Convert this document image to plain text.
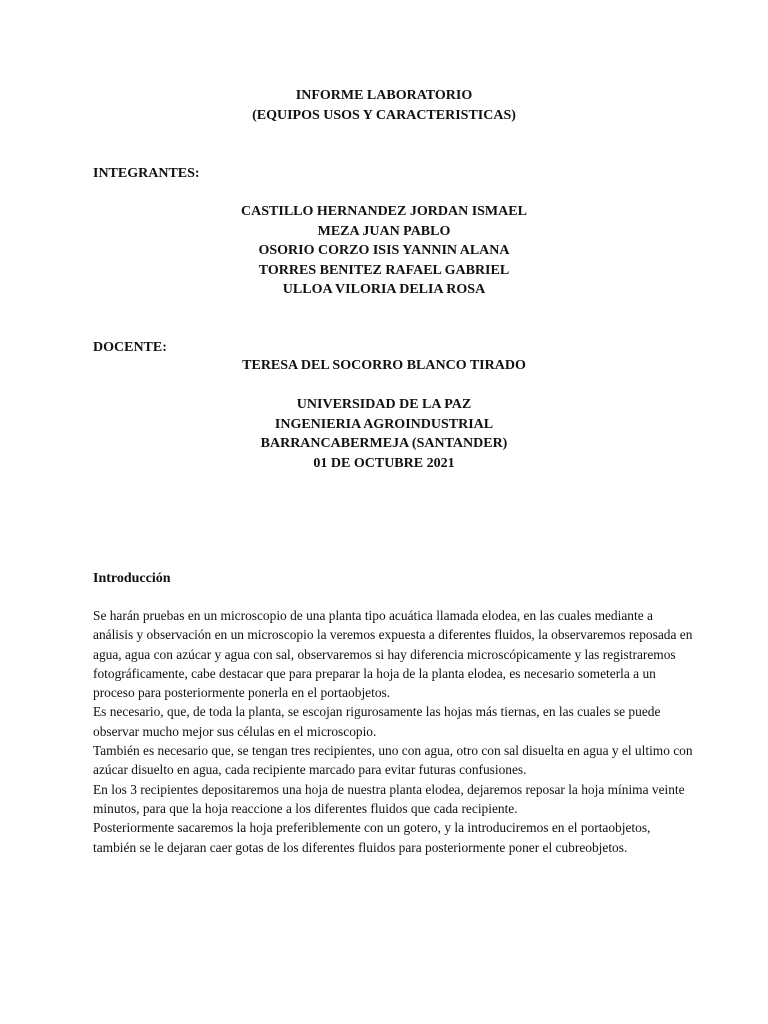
INFORME LABORATORIO
(EQUIPOS USOS Y CARACTERISTICAS)
INTEGRANTES:
CASTILLO HERNANDEZ JORDAN ISMAEL
MEZA JUAN PABLO
OSORIO CORZO ISIS YANNIN ALANA
TORRES BENITEZ RAFAEL GABRIEL
ULLOA VILORIA DELIA ROSA
DOCENTE:
TERESA DEL SOCORRO BLANCO TIRADO
UNIVERSIDAD DE LA PAZ
INGENIERIA AGROINDUSTRIAL
BARRANCABERMEJA (SANTANDER)
01 DE OCTUBRE 2021
Introducción

Se harán pruebas en un microscopio de una planta tipo acuática llamada elodea, en las cuales mediante a análisis y observación en un microscopio la veremos expuesta a diferentes fluidos, la observaremos reposada en agua, agua con azúcar y agua con sal, observaremos si hay diferencia microscópicamente y las registraremos fotográficamente, cabe destacar que para preparar la hoja de la planta elodea, es necesario someterla a un proceso para posteriormente ponerla en el portaobjetos.

Es necesario, que, de toda la planta, se escojan rigurosamente las hojas más tiernas, en las cuales se puede observar mucho mejor sus células en el microscopio.

También es necesario que, se tengan tres recipientes, uno con agua, otro con sal disuelta en agua y el ultimo con azúcar disuelto en agua, cada recipiente marcado para evitar futuras confusiones.

En los 3 recipientes depositaremos una hoja de nuestra planta elodea, dejaremos reposar la hoja mínima veinte minutos, para que la hoja reaccione a los diferentes fluidos que cada recipiente.

Posteriormente sacaremos la hoja preferiblemente con un gotero, y la introduciremos en el portaobjetos, también se le dejaran caer gotas de los diferentes fluidos para posteriormente poner el cubreobjetos.
